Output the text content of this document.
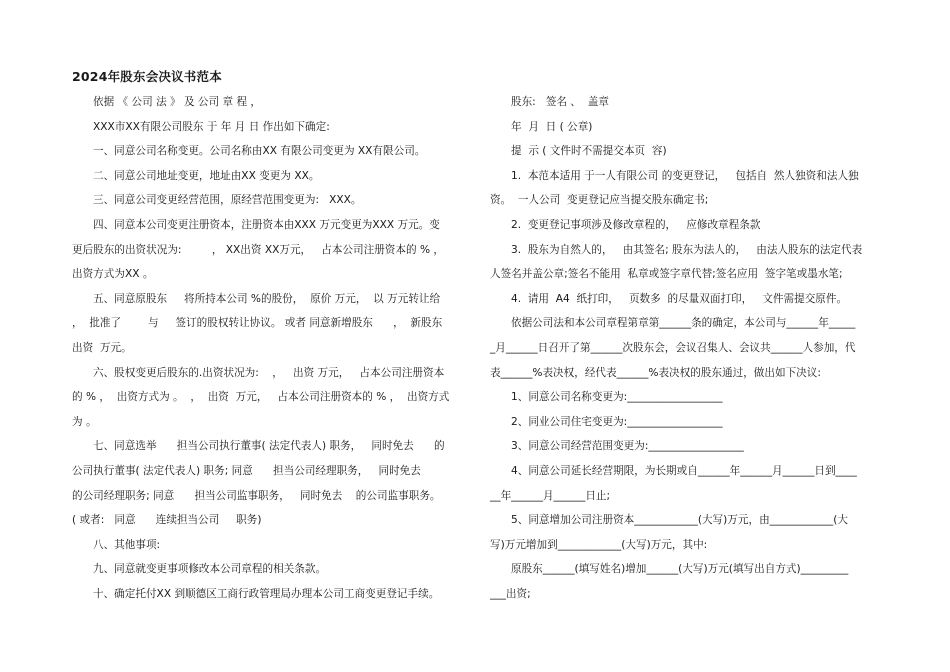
2024年股东会决议书范本

依据 《 公司 法 》 及 公司 章 程 ，

XXX市XX有限公司股东 于 年 月 日 作出如下确定:

一、同意公司名称变更。公司名称由XX 有限公司变更为 XX有限公司。

二、同意公司地址变更，地址由XX 变更为 XX。

三、同意公司变更经营范围，原经营范围变更为:   XXX。

四、同意本公司变更注册资本，注册资本由XXX 万元变更为XXX 万元。变

更后股东的出资状况为:         ， XX出资 XX万元，   占本公司注册资本的 % ，

出资方式为XX 。

五、同意原股东     将所持本公司 %的股份，  原价 万元，  以 万元转让给

，  批准了        与     签订的股权转让协议。 或者 同意新增股东      ，  新股东

出资  万元。

六、股权变更后股东的.出资状况为:    ，   出资 万元，   占本公司注册资本

的 % ，  出资方式为 。  ，  出资  万元，   占本公司注册资本的 % ，  出资方式

为 。

七、同意选举      担当公司执行董事( 法定代表人) 职务，   同时免去      的

公司执行董事( 法定代表人) 职务; 同意      担当公司经理职务，   同时免去

的公司经理职务; 同意      担当公司监事职务，   同时免去    的公司监事职务。

( 或者:   同意      连续担当公司     职务)

八、其他事项:

九、同意就变更事项修改本公司章程的相关条款。

十、确定托付XX 到顺德区工商行政管理局办理本公司工商变更登记手续。

股东:   签名 、  盖章

年  月  日 ( 公章)

提  示 ( 文件时不需提交本页  容)

1.  本范本适用 于一人有限公司 的变更登记，   包括自  然人独资和法人独

资。  一人公司  变更登记应当提交股东确定书;

2.  变更登记事项涉及修改章程的，   应修改章程条款

3.  股东为自然人的，   由其签名; 股东为法人的，   由法人股东的法定代表

人签名并盖公章;签名不能用  私章或签字章代替;签名应用  签字笔或墨水笔;

4.  请用  A4  纸打印，   页数多  的尽量双面打印，   文件需提交原件。

依据公司法和本公司章程第章第______条的确定，本公司与______年_____

_月______日召开了第______次股东会，会议召集人、会议共______人参加，代

表______%表决权，经代表______%表决权的股东通过，做出如下决议:

1、同意公司名称变更为:__________________

2、同业公司住宅变更为:__________________

3、同意公司经营范围变更为:__________________

4、同意公司延长经营期限，为长期或自______年______月______日到____

__年______月______日止;

5、同意增加公司注册资本____________(大写)万元，由____________(大

写)万元增加到____________(大写)万元，其中:

原股东______(填写姓名)增加______(大写)万元(填写出自方式)_________

___出资;
